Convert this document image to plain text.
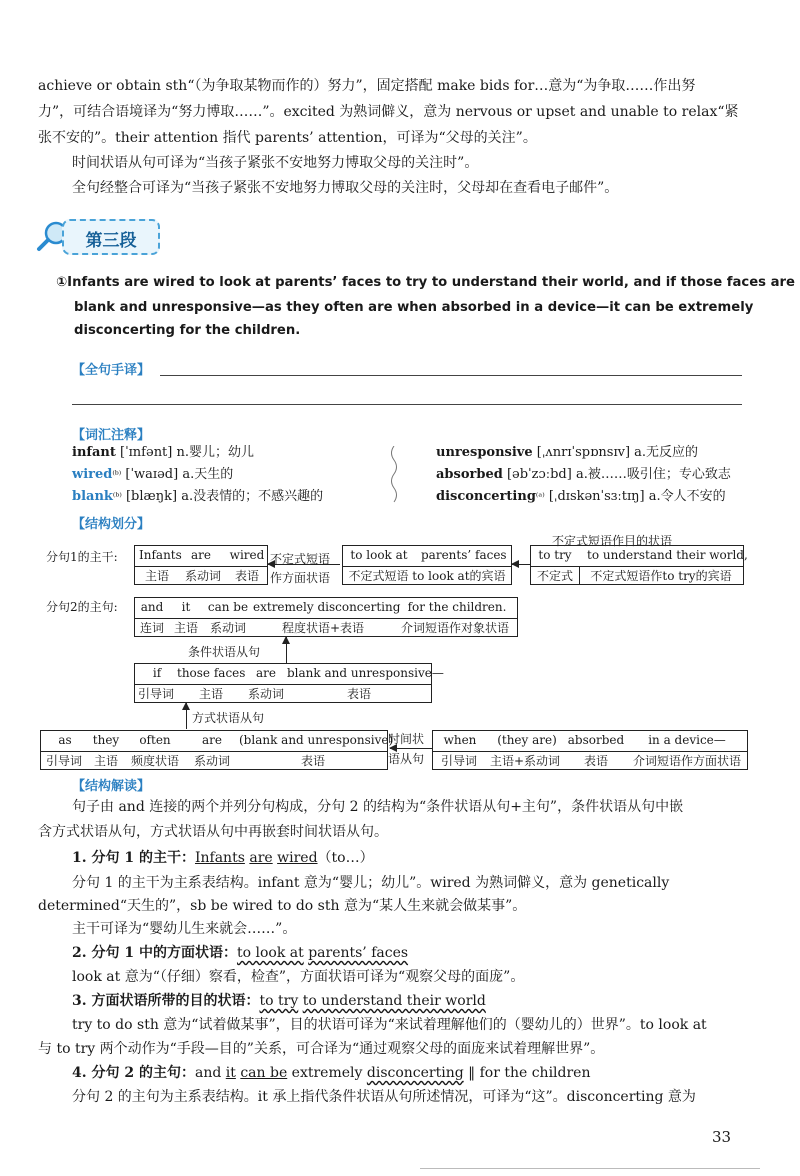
achieve or obtain sth“（为争取某物而作的）努力”，固定搭配 make bids for…意为“为争取……作出努
力”，可结合语境译为“努力博取……”。excited 为熟词僻义，意为 nervous or upset and unable to relax“紧
张不安的”。their attention 指代 parents’ attention，可译为“父母的关注”。
时间状语从句可译为“当孩子紧张不安地努力博取父母的关注时”。
全句经整合可译为“当孩子紧张不安地努力博取父母的关注时，父母却在查看电子邮件”。
第三段
①Infants are wired to look at parents’ faces to try to understand their world, and if those faces are
blank and unresponsive—as they often are when absorbed in a device—it can be extremely
disconcerting for the children.
【全句手译】
【词汇注释】
infant [ˈɪnfənt] n.婴儿；幼儿
wired⁽ᵇ⁾ [ˈwaɪəd] a.天生的
blank⁽ᵇ⁾ [blæŋk] a.没表情的；不感兴趣的
unresponsive [ˌʌnrɪˈspɒnsɪv] a.无反应的
absorbed [əbˈzɔːbd] a.被……吸引住；专心致志
disconcerting⁽ᵃ⁾ [ˌdɪskənˈsɜːtɪŋ] a.令人不安的
【结构划分】
分句1的主干: Infants are	wired
主语	系动词	表语
不定式短语
作方面状语
to look at parents’ faces
不定式短语 to look at的宾语
不定式短语作目的状语
to try to understand their world,
不定式	不定式短语作to try的宾语
分句2的主句:	and	it	can be extremely disconcerting for the children.
连词 主语 系动词	程度状语+表语	介词短语作对象状语
条件状语从句
if	those faces are blank and unresponsive—
引导词	主语	系动词	表语
方式状语从句
as	they	often	are	(blank and unresponsive)
引导词 主语	频度状语	系动词	表语
时间状
语从句
when	(they are) absorbed	in a device—
引导词	主语+系动词	表语	介词短语作方面状语
【结构解读】
句子由 and 连接的两个并列分句构成，分句 2 的结构为“条件状语从句+主句”，条件状语从句中嵌
含方式状语从句，方式状语从句中再嵌套时间状语从句。
1. 分句 1 的主干：Infants are wired（to…）
分句 1 的主干为主系表结构。infant 意为“婴儿；幼儿”。wired 为熟词僻义，意为 genetically
determined“天生的”，sb be wired to do sth 意为“某人生来就会做某事”。
主干可译为“婴幼儿生来就会……”。
2. 分句 1 中的方面状语：to look at parents’ faces
look at 意为“（仔细）察看，检查”，方面状语可译为“观察父母的面庞”。
3. 方面状语所带的目的状语：to try to understand their world
try to do sth 意为“试着做某事”，目的状语可译为“来试着理解他们的（婴幼儿的）世界”。to look at
与 to try 两个动作为“手段—目的”关系，可合译为“通过观察父母的面庞来试着理解世界”。
4. 分句 2 的主句：and it can be extremely disconcerting ‖ for the children
分句 2 的主句为主系表结构。it 承上指代条件状语从句所述情况，可译为“这”。disconcerting 意为
33
